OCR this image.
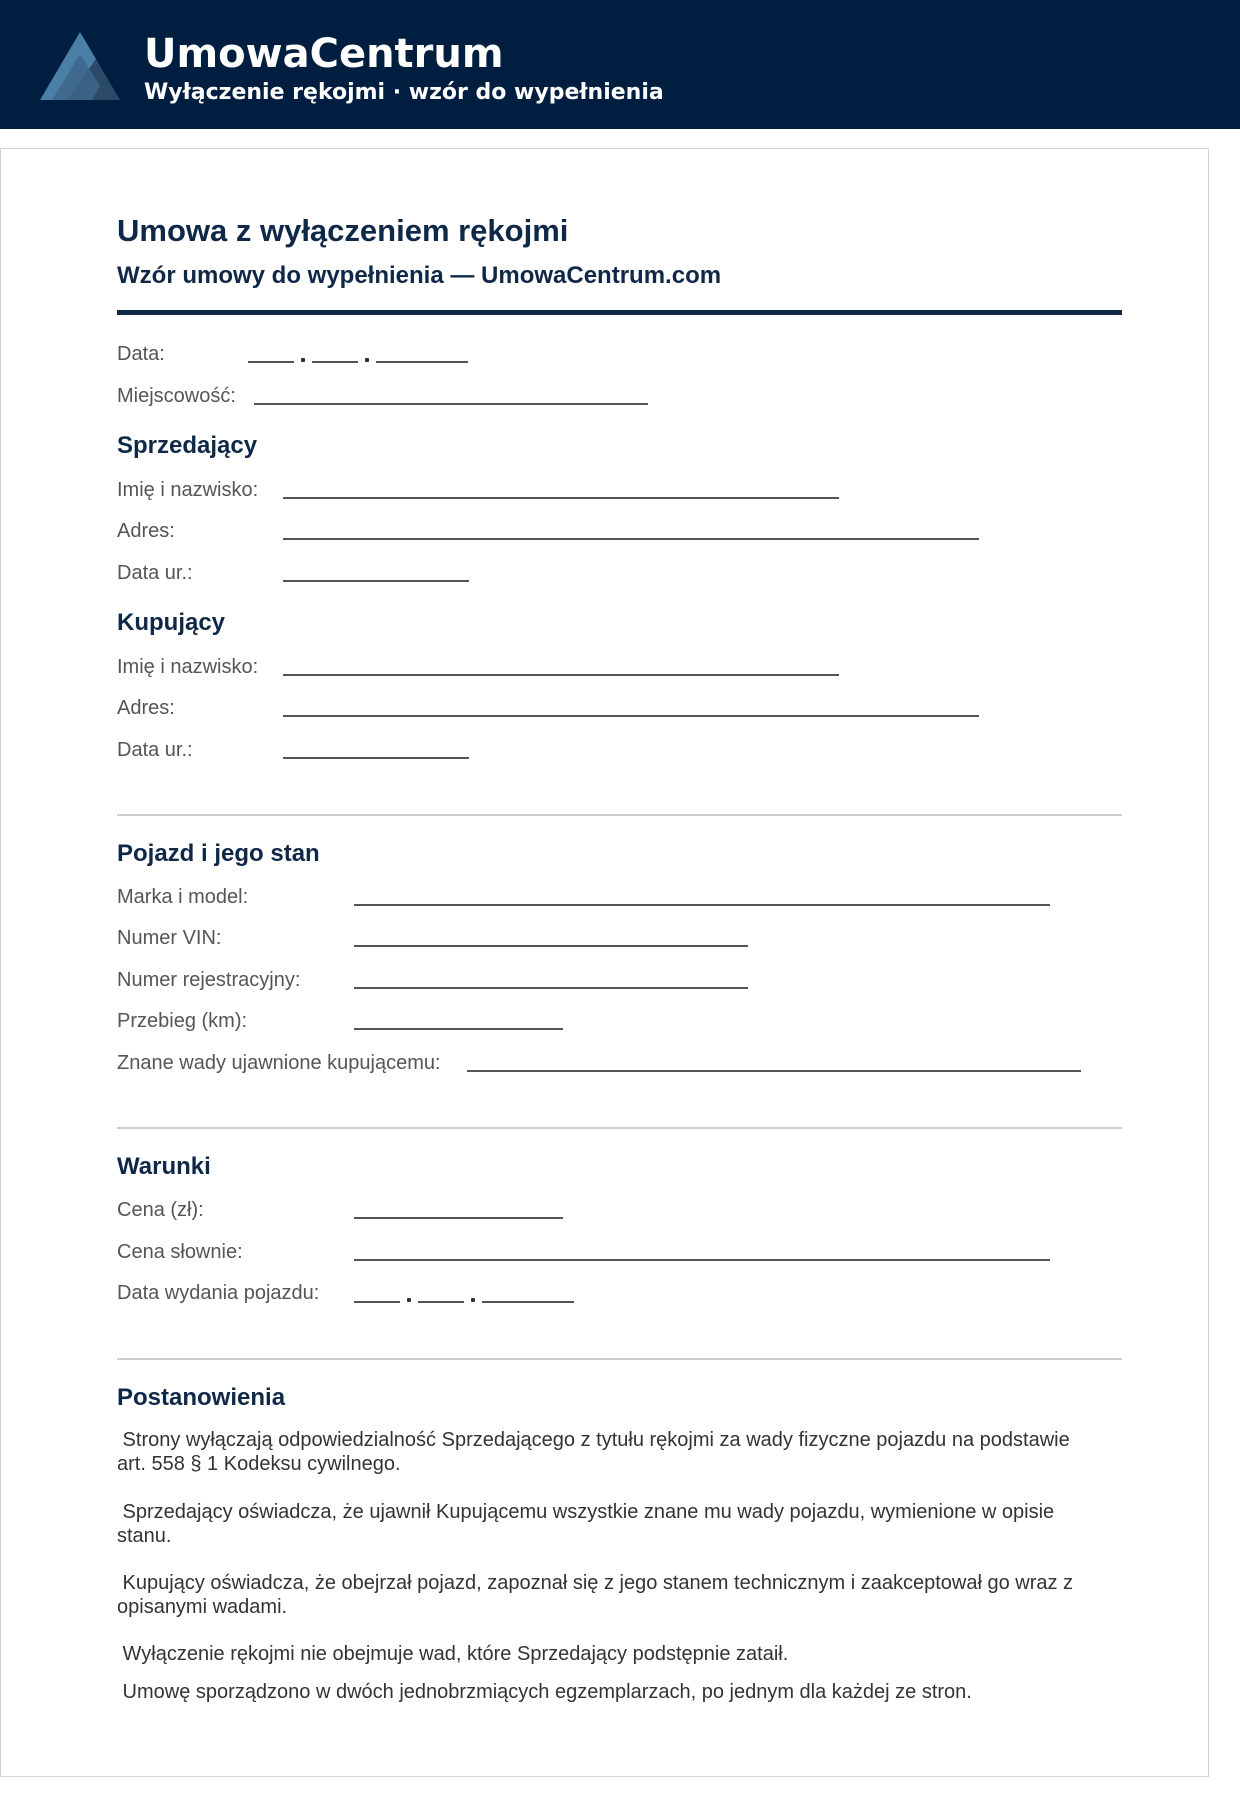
UmowaCentrum
Wyłączenie rękojmi · wzór do wypełnienia
Umowa z wyłączeniem rękojmi
Wzór umowy do wypełnienia — UmowaCentrum.com
Data:
Miejscowość:
Sprzedający
Imię i nazwisko:
Adres:
Data ur.:
Kupujący
Imię i nazwisko:
Adres:
Data ur.:
Pojazd i jego stan
Marka i model:
Numer VIN:
Numer rejestracyjny:
Przebieg (km):
Znane wady ujawnione kupującemu:
Warunki
Cena (zł):
Cena słownie:
Data wydania pojazdu:
Postanowienia
Strony wyłączają odpowiedzialność Sprzedającego z tytułu rękojmi za wady fizyczne pojazdu na podstawie art. 558 § 1 Kodeksu cywilnego.
Sprzedający oświadcza, że ujawnił Kupującemu wszystkie znane mu wady pojazdu, wymienione w opisie stanu.
Kupujący oświadcza, że obejrzał pojazd, zapoznał się z jego stanem technicznym i zaakceptował go wraz z opisanymi wadami.
Wyłączenie rękojmi nie obejmuje wad, które Sprzedający podstępnie zataił.
Umowę sporządzono w dwóch jednobrzmiących egzemplarzach, po jednym dla każdej ze stron.
